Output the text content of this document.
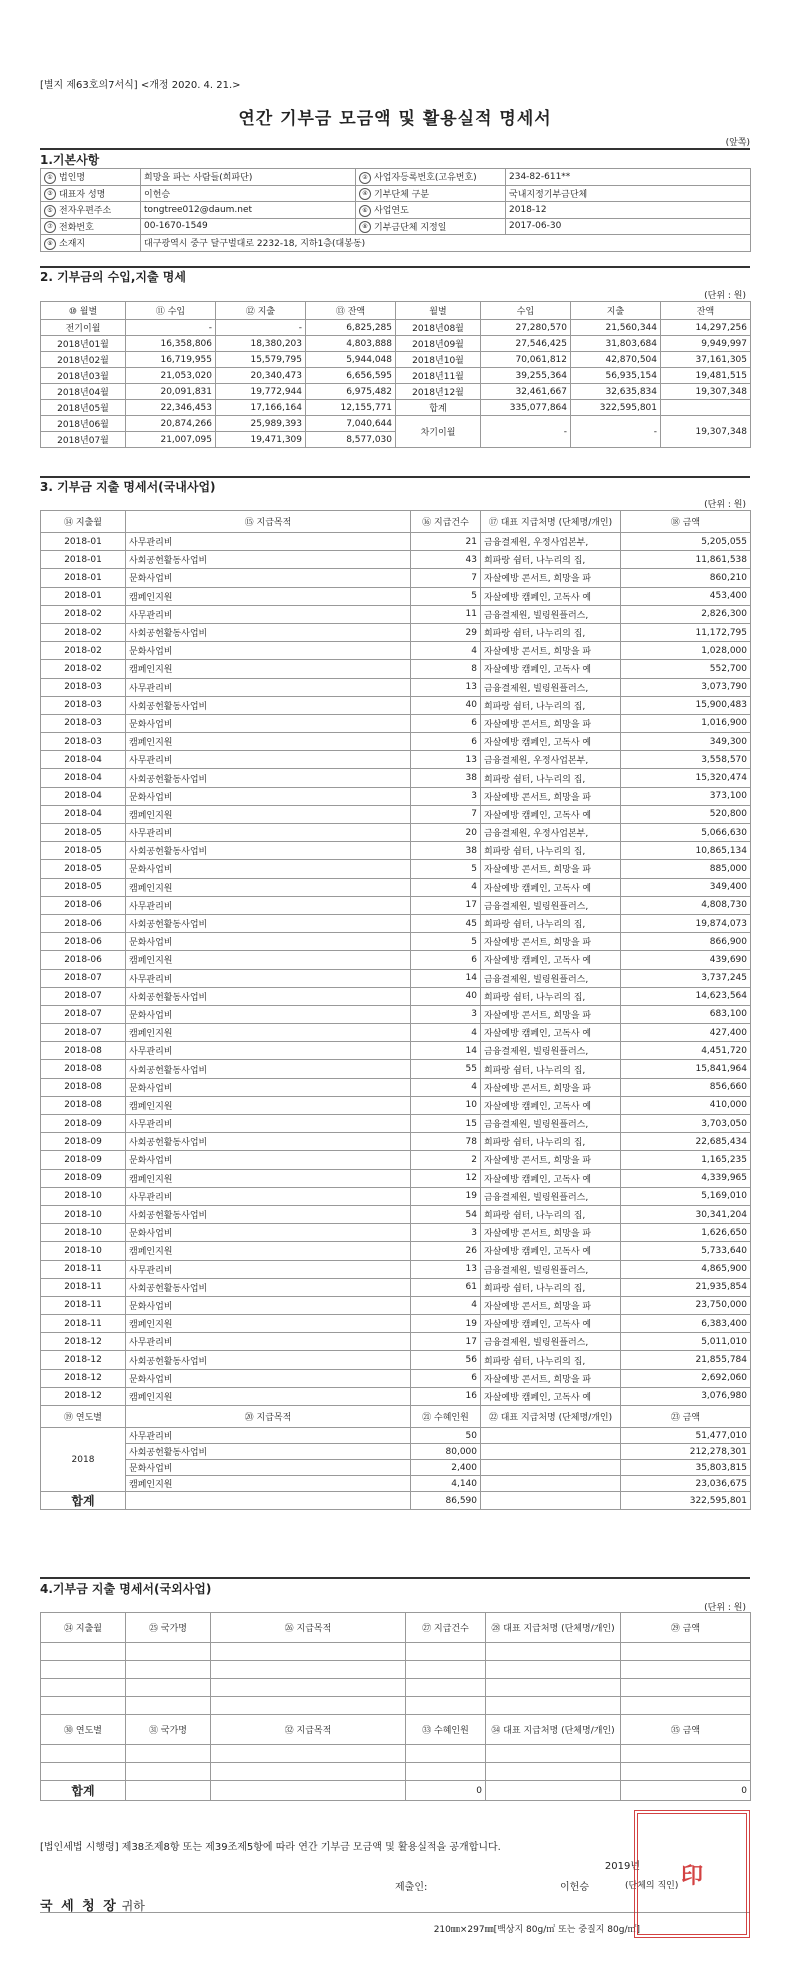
[별지 제63호의7서식] <개정 2020. 4. 21.>
연간 기부금 모금액 및 활용실적 명세서
(앞쪽)
1.기본사항
① 법인명	희망을 파는 사람들(희파단)	② 사업자등록번호(고유번호)	234-82-611**
③ 대표자 성명	이헌승	④ 기부단체 구분	국내지정기부금단체
⑤ 전자우편주소	tongtree012@daum.net	⑥ 사업연도	2018-12
⑦ 전화번호	00-1670-1549	⑧ 기부금단체 지정일	2017-06-30
⑨ 소재지	대구광역시 중구 달구벌대로 2232-18, 지하1층(대봉동)		
2. 기부금의 수입,지출 명세
(단위 : 원)
⑩ 월별	⑪ 수입	⑫ 지출	⑬ 잔액	월별	수입	지출	잔액
전기이월	-	-	6,825,285	2018년08월	27,280,570	21,560,344	14,297,256
2018년01월	16,358,806	18,380,203	4,803,888	2018년09월	27,546,425	31,803,684	9,949,997
2018년02월	16,719,955	15,579,795	5,944,048	2018년10월	70,061,812	42,870,504	37,161,305
2018년03월	21,053,020	20,340,473	6,656,595	2018년11월	39,255,364	56,935,154	19,481,515
2018년04월	20,091,831	19,772,944	6,975,482	2018년12월	32,461,667	32,635,834	19,307,348
2018년05월	22,346,453	17,166,164	12,155,771	합계	335,077,864	322,595,801	
2018년06월	20,874,266	25,989,393	7,040,644	차기이월	-	-	19,307,348
2018년07월	21,007,095	19,471,309	8,577,030				
3. 기부금 지출 명세서(국내사업)
(단위 : 원)
⑭ 지출월	⑮ 지급목적	⑯ 지급건수	⑰ 대표 지급처명 (단체명/개인)	⑱ 금액
2018-01	사무관리비	21	금융결제원, 우정사업본부,	5,205,055
2018-01	사회공헌활동사업비	43	희파랑 쉼터, 나누리의 집,	11,861,538
2018-01	문화사업비	7	자살예방 콘서트, 희망을 파	860,210
2018-01	캠페인지원	5	자살예방 캠페인, 고독사 예	453,400
2018-02	사무관리비	11	금융결제원, 빌링원플러스,	2,826,300
2018-02	사회공헌활동사업비	29	희파랑 쉼터, 나누리의 집,	11,172,795
2018-02	문화사업비	4	자살예방 콘서트, 희망을 파	1,028,000
2018-02	캠페인지원	8	자살예방 캠페인, 고독사 예	552,700
2018-03	사무관리비	13	금융결제원, 빌링원플러스,	3,073,790
2018-03	사회공헌활동사업비	40	희파랑 쉼터, 나누리의 집,	15,900,483
2018-03	문화사업비	6	자살예방 콘서트, 희망을 파	1,016,900
2018-03	캠페인지원	6	자살예방 캠페인, 고독사 예	349,300
2018-04	사무관리비	13	금융결제원, 우정사업본부,	3,558,570
2018-04	사회공헌활동사업비	38	희파랑 쉼터, 나누리의 집,	15,320,474
2018-04	문화사업비	3	자살예방 콘서트, 희망을 파	373,100
2018-04	캠페인지원	7	자살예방 캠페인, 고독사 예	520,800
2018-05	사무관리비	20	금융결제원, 우정사업본부,	5,066,630
2018-05	사회공헌활동사업비	38	희파랑 쉼터, 나누리의 집,	10,865,134
2018-05	문화사업비	5	자살예방 콘서트, 희망을 파	885,000
2018-05	캠페인지원	4	자살예방 캠페인, 고독사 예	349,400
2018-06	사무관리비	17	금융결제원, 빌링원플러스,	4,808,730
2018-06	사회공헌활동사업비	45	희파랑 쉼터, 나누리의 집,	19,874,073
2018-06	문화사업비	5	자살예방 콘서트, 희망을 파	866,900
2018-06	캠페인지원	6	자살예방 캠페인, 고독사 예	439,690
2018-07	사무관리비	14	금융결제원, 빌링원플러스,	3,737,245
2018-07	사회공헌활동사업비	40	희파랑 쉼터, 나누리의 집,	14,623,564
2018-07	문화사업비	3	자살예방 콘서트, 희망을 파	683,100
2018-07	캠페인지원	4	자살예방 캠페인, 고독사 예	427,400
2018-08	사무관리비	14	금융결제원, 빌링원플러스,	4,451,720
2018-08	사회공헌활동사업비	55	희파랑 쉼터, 나누리의 집,	15,841,964
2018-08	문화사업비	4	자살예방 콘서트, 희망을 파	856,660
2018-08	캠페인지원	10	자살예방 캠페인, 고독사 예	410,000
2018-09	사무관리비	15	금융결제원, 빌링원플러스,	3,703,050
2018-09	사회공헌활동사업비	78	희파랑 쉼터, 나누리의 집,	22,685,434
2018-09	문화사업비	2	자살예방 콘서트, 희망을 파	1,165,235
2018-09	캠페인지원	12	자살예방 캠페인, 고독사 예	4,339,965
2018-10	사무관리비	19	금융결제원, 빌링원플러스,	5,169,010
2018-10	사회공헌활동사업비	54	희파랑 쉼터, 나누리의 집,	30,341,204
2018-10	문화사업비	3	자살예방 콘서트, 희망을 파	1,626,650
2018-10	캠페인지원	26	자살예방 캠페인, 고독사 예	5,733,640
2018-11	사무관리비	13	금융결제원, 빌링원플러스,	4,865,900
2018-11	사회공헌활동사업비	61	희파랑 쉼터, 나누리의 집,	21,935,854
2018-11	문화사업비	4	자살예방 콘서트, 희망을 파	23,750,000
2018-11	캠페인지원	19	자살예방 캠페인, 고독사 예	6,383,400
2018-12	사무관리비	17	금융결제원, 빌링원플러스,	5,011,010
2018-12	사회공헌활동사업비	56	희파랑 쉼터, 나누리의 집,	21,855,784
2018-12	문화사업비	6	자살예방 콘서트, 희망을 파	2,692,060
2018-12	캠페인지원	16	자살예방 캠페인, 고독사 예	3,076,980
⑲ 연도별	⑳ 지급목적	㉑ 수혜인원	㉒ 대표 지급처명 (단체명/개인)	㉓ 금액
2018	사무관리비	50		51,477,010
	사회공헌활동사업비	80,000		212,278,301
	문화사업비	2,400		35,803,815
	캠페인지원	4,140		23,036,675
합계		86,590		322,595,801
4.기부금 지출 명세서(국외사업)
(단위 : 원)
㉔ 지출월	㉕ 국가명	㉖ 지급목적	㉗ 지급건수	㉘ 대표 지급처명 (단체명/개인)	㉙ 금액

㉚ 연도별	㉛ 국가명	㉜ 지급목적	㉝ 수혜인원	㉞ 대표 지급처명 (단체명/개인)	㉟ 금액

합계			0		0
[법인세법 시행령] 제38조제8항 또는 제39조제5항에 따라 연간 기부금 모금액 및 활용실적을 공개합니다.
2019년
제출인:	이헌승	(단체의 직인)
국 세 청 장 귀하
210㎜×297㎜[백상지 80g/㎡ 또는 중질지 80g/㎡]
印
